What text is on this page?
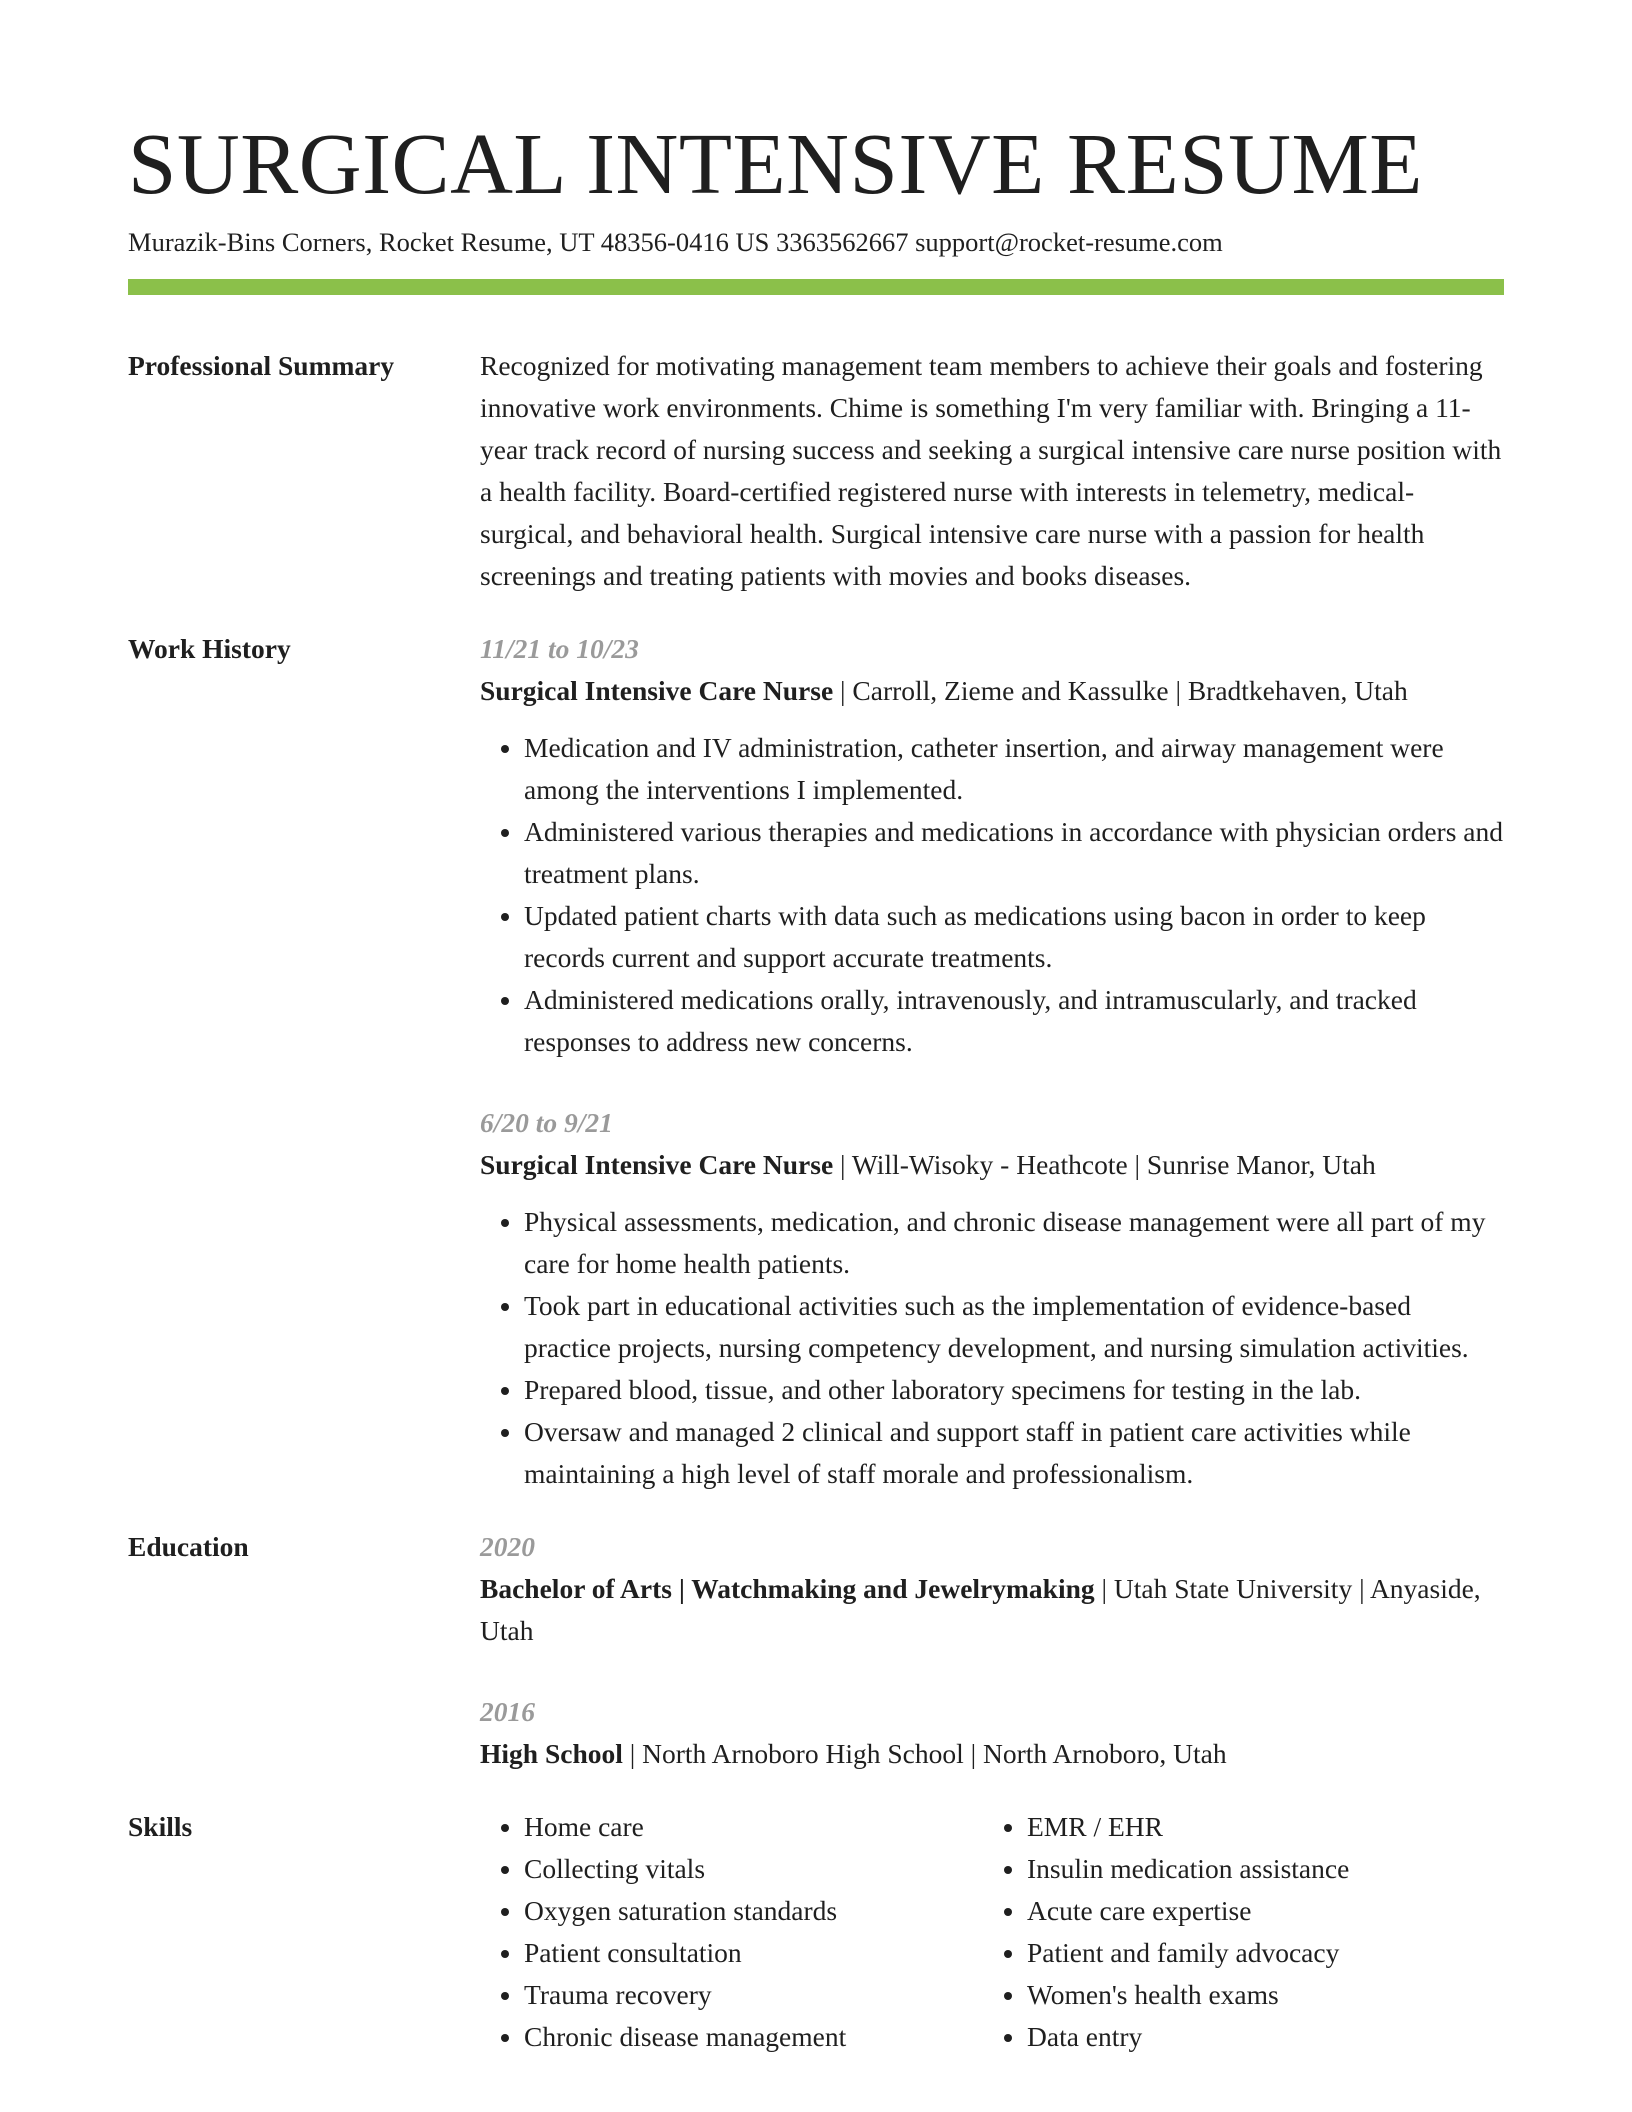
SURGICAL INTENSIVE RESUME
Murazik-Bins Corners, Rocket Resume, UT 48356-0416 US 3363562667 support@rocket-resume.com
Professional Summary	Recognized for motivating management team members to achieve their goals and fostering innovative work environments. Chime is something I'm very familiar with. Bringing a 11-year track record of nursing success and seeking a surgical intensive care nurse position with a health facility. Board-certified registered nurse with interests in telemetry, medical-surgical, and behavioral health. Surgical intensive care nurse with a passion for health screenings and treating patients with movies and books diseases.
Work History	11/21 to 10/23
Surgical Intensive Care Nurse | Carroll, Zieme and Kassulke | Bradtkehaven, Utah
• Medication and IV administration, catheter insertion, and airway management were among the interventions I implemented.
• Administered various therapies and medications in accordance with physician orders and treatment plans.
• Updated patient charts with data such as medications using bacon in order to keep records current and support accurate treatments.
• Administered medications orally, intravenously, and intramuscularly, and tracked responses to address new concerns.
6/20 to 9/21
Surgical Intensive Care Nurse | Will-Wisoky - Heathcote | Sunrise Manor, Utah
• Physical assessments, medication, and chronic disease management were all part of my care for home health patients.
• Took part in educational activities such as the implementation of evidence-based practice projects, nursing competency development, and nursing simulation activities.
• Prepared blood, tissue, and other laboratory specimens for testing in the lab.
• Oversaw and managed 2 clinical and support staff in patient care activities while maintaining a high level of staff morale and professionalism.
Education	2020
Bachelor of Arts | Watchmaking and Jewelrymaking | Utah State University | Anyaside, Utah
2016
High School | North Arnoboro High School | North Arnoboro, Utah
Skills
•	Home care
• Collecting vitals
• Oxygen saturation standards
• Patient consultation
• Trauma recovery
• Chronic disease management
• EMR / EHR
• Insulin medication assistance
• Acute care expertise
• Patient and family advocacy
• Women's health exams
• Data entry
